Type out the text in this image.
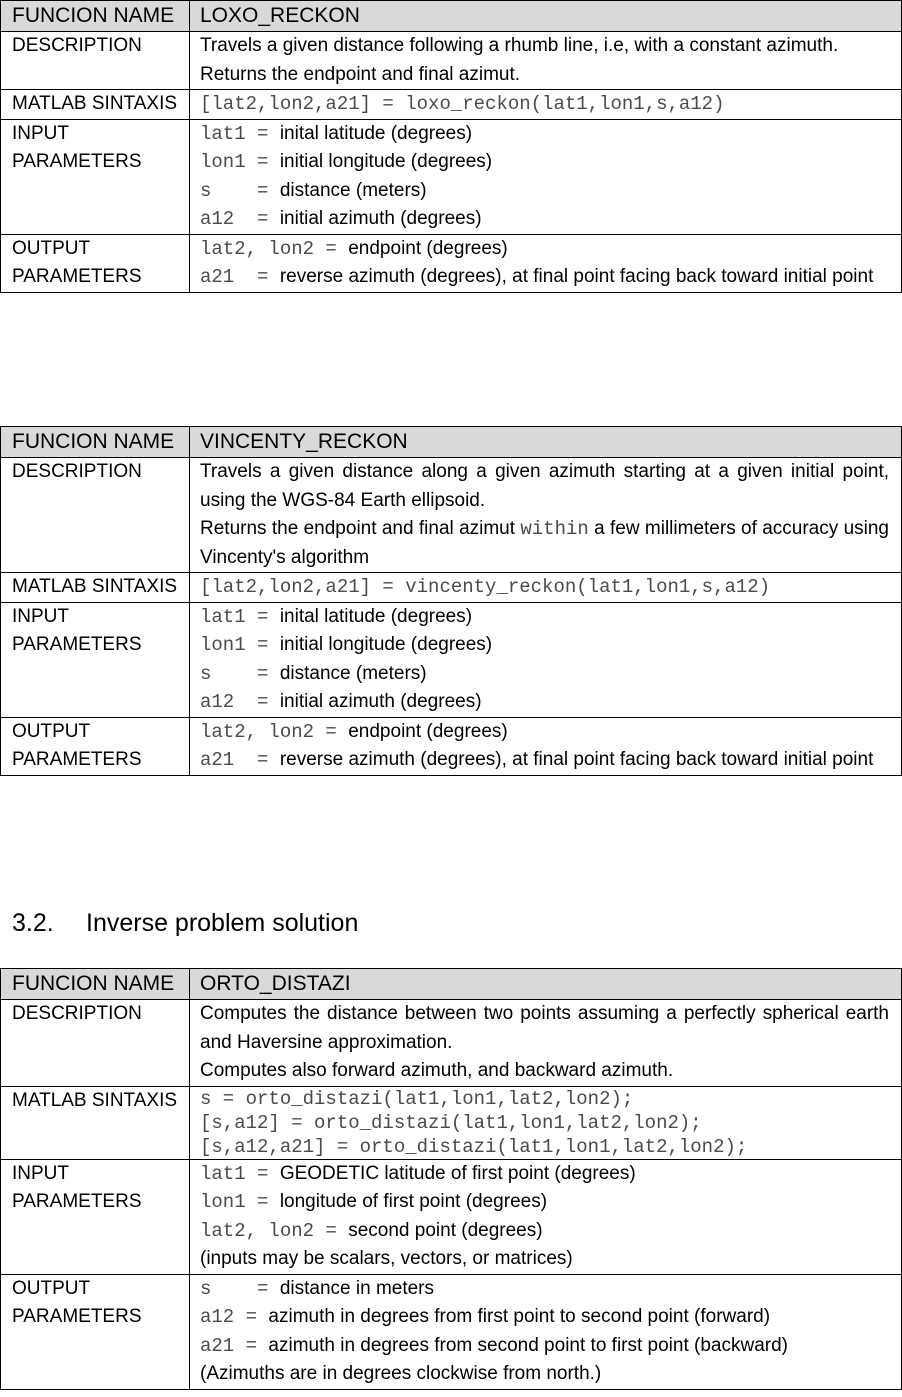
FUNCION NAME	LOXO_RECKON
DESCRIPTION	Travels a given distance following a rhumb line, i.e, with a constant azimuth.
Returns the endpoint and final azimut.

MATLAB SINTAXIS	[lat2,lon2,a21] = loxo_reckon(lat1,lon1,s,a12)

INPUT PARAMETERS	lat1 = inital latitude (degrees)
lon1 = initial longitude (degrees)
s    = distance (meters)
a12  = initial azimuth (degrees)

OUTPUT PARAMETERS	lat2, lon2 = endpoint (degrees)
a21  = reverse azimuth (degrees), at final point facing back toward initial point
FUNCION NAME	VINCENTY_RECKON
DESCRIPTION	Travels a given distance along a given azimuth starting at a given initial point, using the WGS-84 Earth ellipsoid.
Returns the endpoint and final azimut within a few millimeters of accuracy using Vincenty's algorithm

MATLAB SINTAXIS	[lat2,lon2,a21] = vincenty_reckon(lat1,lon1,s,a12)

INPUT PARAMETERS	lat1 = inital latitude (degrees)
lon1 = initial longitude (degrees)
s    = distance (meters)
a12  = initial azimuth (degrees)

OUTPUT PARAMETERS	lat2, lon2 = endpoint (degrees)
a21  = reverse azimuth (degrees), at final point facing back toward initial point
3.2. Inverse problem solution
FUNCION NAME	ORTO_DISTAZI
DESCRIPTION	Computes the distance between two points assuming a perfectly spherical earth and Haversine approximation.
Computes also forward azimuth, and backward azimuth.

MATLAB SINTAXIS	s = orto_distazi(lat1,lon1,lat2,lon2);
[s,a12] = orto_distazi(lat1,lon1,lat2,lon2);
[s,a12,a21] = orto_distazi(lat1,lon1,lat2,lon2);

INPUT PARAMETERS	lat1 = GEODETIC latitude of first point (degrees)
lon1 = longitude of first point (degrees)
lat2, lon2 = second point (degrees)
(inputs may be scalars, vectors, or matrices)

OUTPUT PARAMETERS	s    = distance in meters
a12 = azimuth in degrees from first point to second point (forward)
a21 = azimuth in degrees from second point to first point (backward)
(Azimuths are in degrees clockwise from north.)
